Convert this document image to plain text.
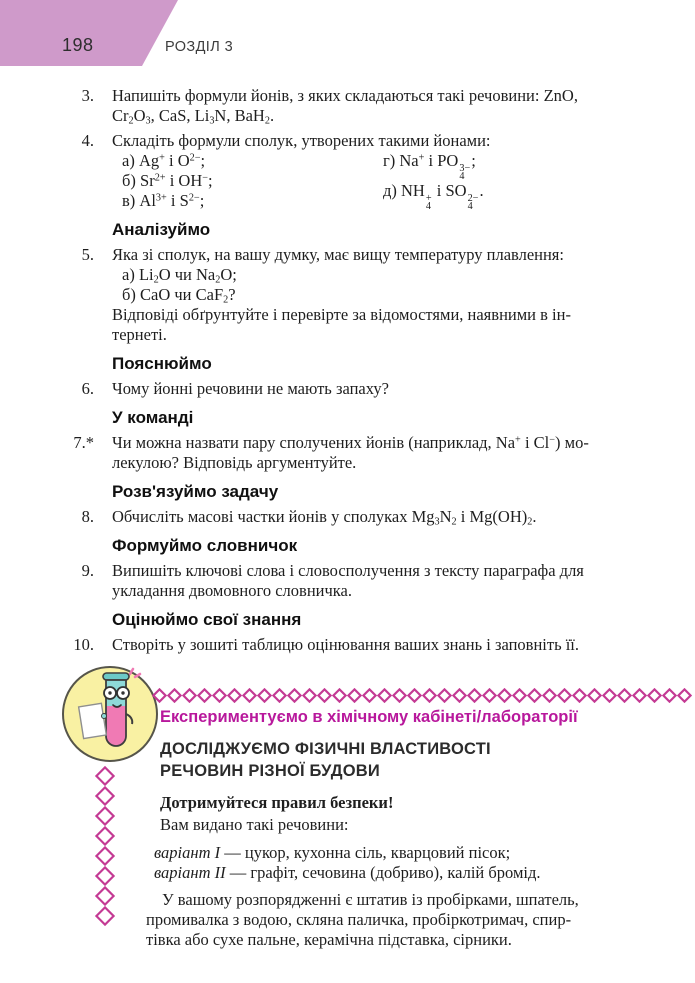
198	РОЗДІЛ 3
3. Напишіть формули йонів, з яких складаються такі речовини: ZnO,
$Cr_2O_3$, CaS, $Li_3N$, BaH$_2$.
4. Складіть формули сполук, утворених такими йонами:
а) Ag+ і $O^{2-}$;
б) $Sr^{2+}$ і OH−;
в) $Al^{3+}$ і $S^{2-}$;
г) Na+ і PO 3−
4
;
д) NH +
4
і SO 2−
4
.
Аналізуймо
5. Яка зі сполук, на вашу думку, має вищу температуру плавлення:
а) $Li_2O$ чи $Na_2O$;
б) CaO чи CaF$_2$?
Відповіді обґрунтуйте і перевірте за відомостями, наявними в ін-
тернеті.
Пояснюймо
6. Чому йонні речовини не мають запаху?
У команді
7.* Чи можна назвати пару сполучених йонів (наприклад, Na+ і Cl−) мо-
лекулою? Відповідь аргументуйте.
Розв'язуймо задачу
8. Обчисліть масові частки йонів у сполуках $Mg_3N_2$ і $Mg(OH)_2$.
Формуймо словничок
9. Випишіть ключові слова і словосполучення з тексту параграфа для
укладання двомовного словничка.
Оцінюймо свої знання
10. Створіть у зошиті таблицю оцінювання ваших знань і заповніть її.
Експериментуємо в хімічному кабінеті/лабораторії
ДОСЛІДЖУЄМО ФІЗИЧНІ ВЛАСТИВОСТІ
РЕЧОВИН РІЗНОЇ БУДОВИ
Дотримуйтеся правил безпеки!
Вам видано такі речовини:
варіант І — цукор, кухонна сіль, кварцовий пісок;
варіант ІІ — графіт, сечовина (добриво), калій бромід.
У вашому розпорядженні є штатив із пробірками, шпатель,
промивалка з водою, скляна паличка, пробіркотримач, спир-
тівка або сухе пальне, керамічна підставка, сірники.
